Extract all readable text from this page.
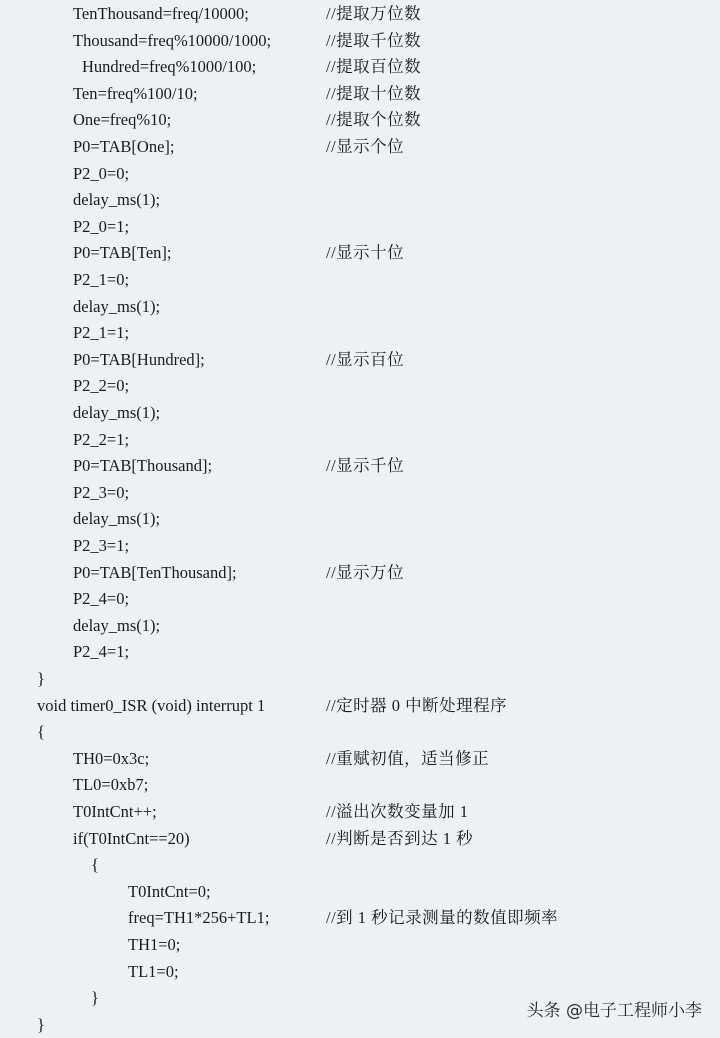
TenThousand=freq/10000;	//提取万位数
Thousand=freq%10000/1000;	//提取千位数
Hundred=freq%1000/100;	//提取百位数
Ten=freq%100/10;	//提取十位数
One=freq%10;	//提取个位数
P0=TAB[One];	//显示个位
P2_0=0;
delay_ms(1);
P2_0=1;
P0=TAB[Ten];	//显示十位
P2_1=0;
delay_ms(1);
P2_1=1;
P0=TAB[Hundred];	//显示百位
P2_2=0;
delay_ms(1);
P2_2=1;
P0=TAB[Thousand];	//显示千位
P2_3=0;
delay_ms(1);
P2_3=1;
P0=TAB[TenThousand];	//显示万位
P2_4=0;
delay_ms(1);
P2_4=1;
}
void timer0_ISR (void) interrupt 1	//定时器 0 中断处理程序
{
TH0=0x3c;	//重赋初值，适当修正
TL0=0xb7;
T0IntCnt++;	//溢出次数变量加 1
if(T0IntCnt==20)	//判断是否到达 1 秒
{
T0IntCnt=0;
freq=TH1*256+TL1;	//到 1 秒记录测量的数值即频率
TH1=0;
TL1=0;
}
}
头条 @电子工程师小李
